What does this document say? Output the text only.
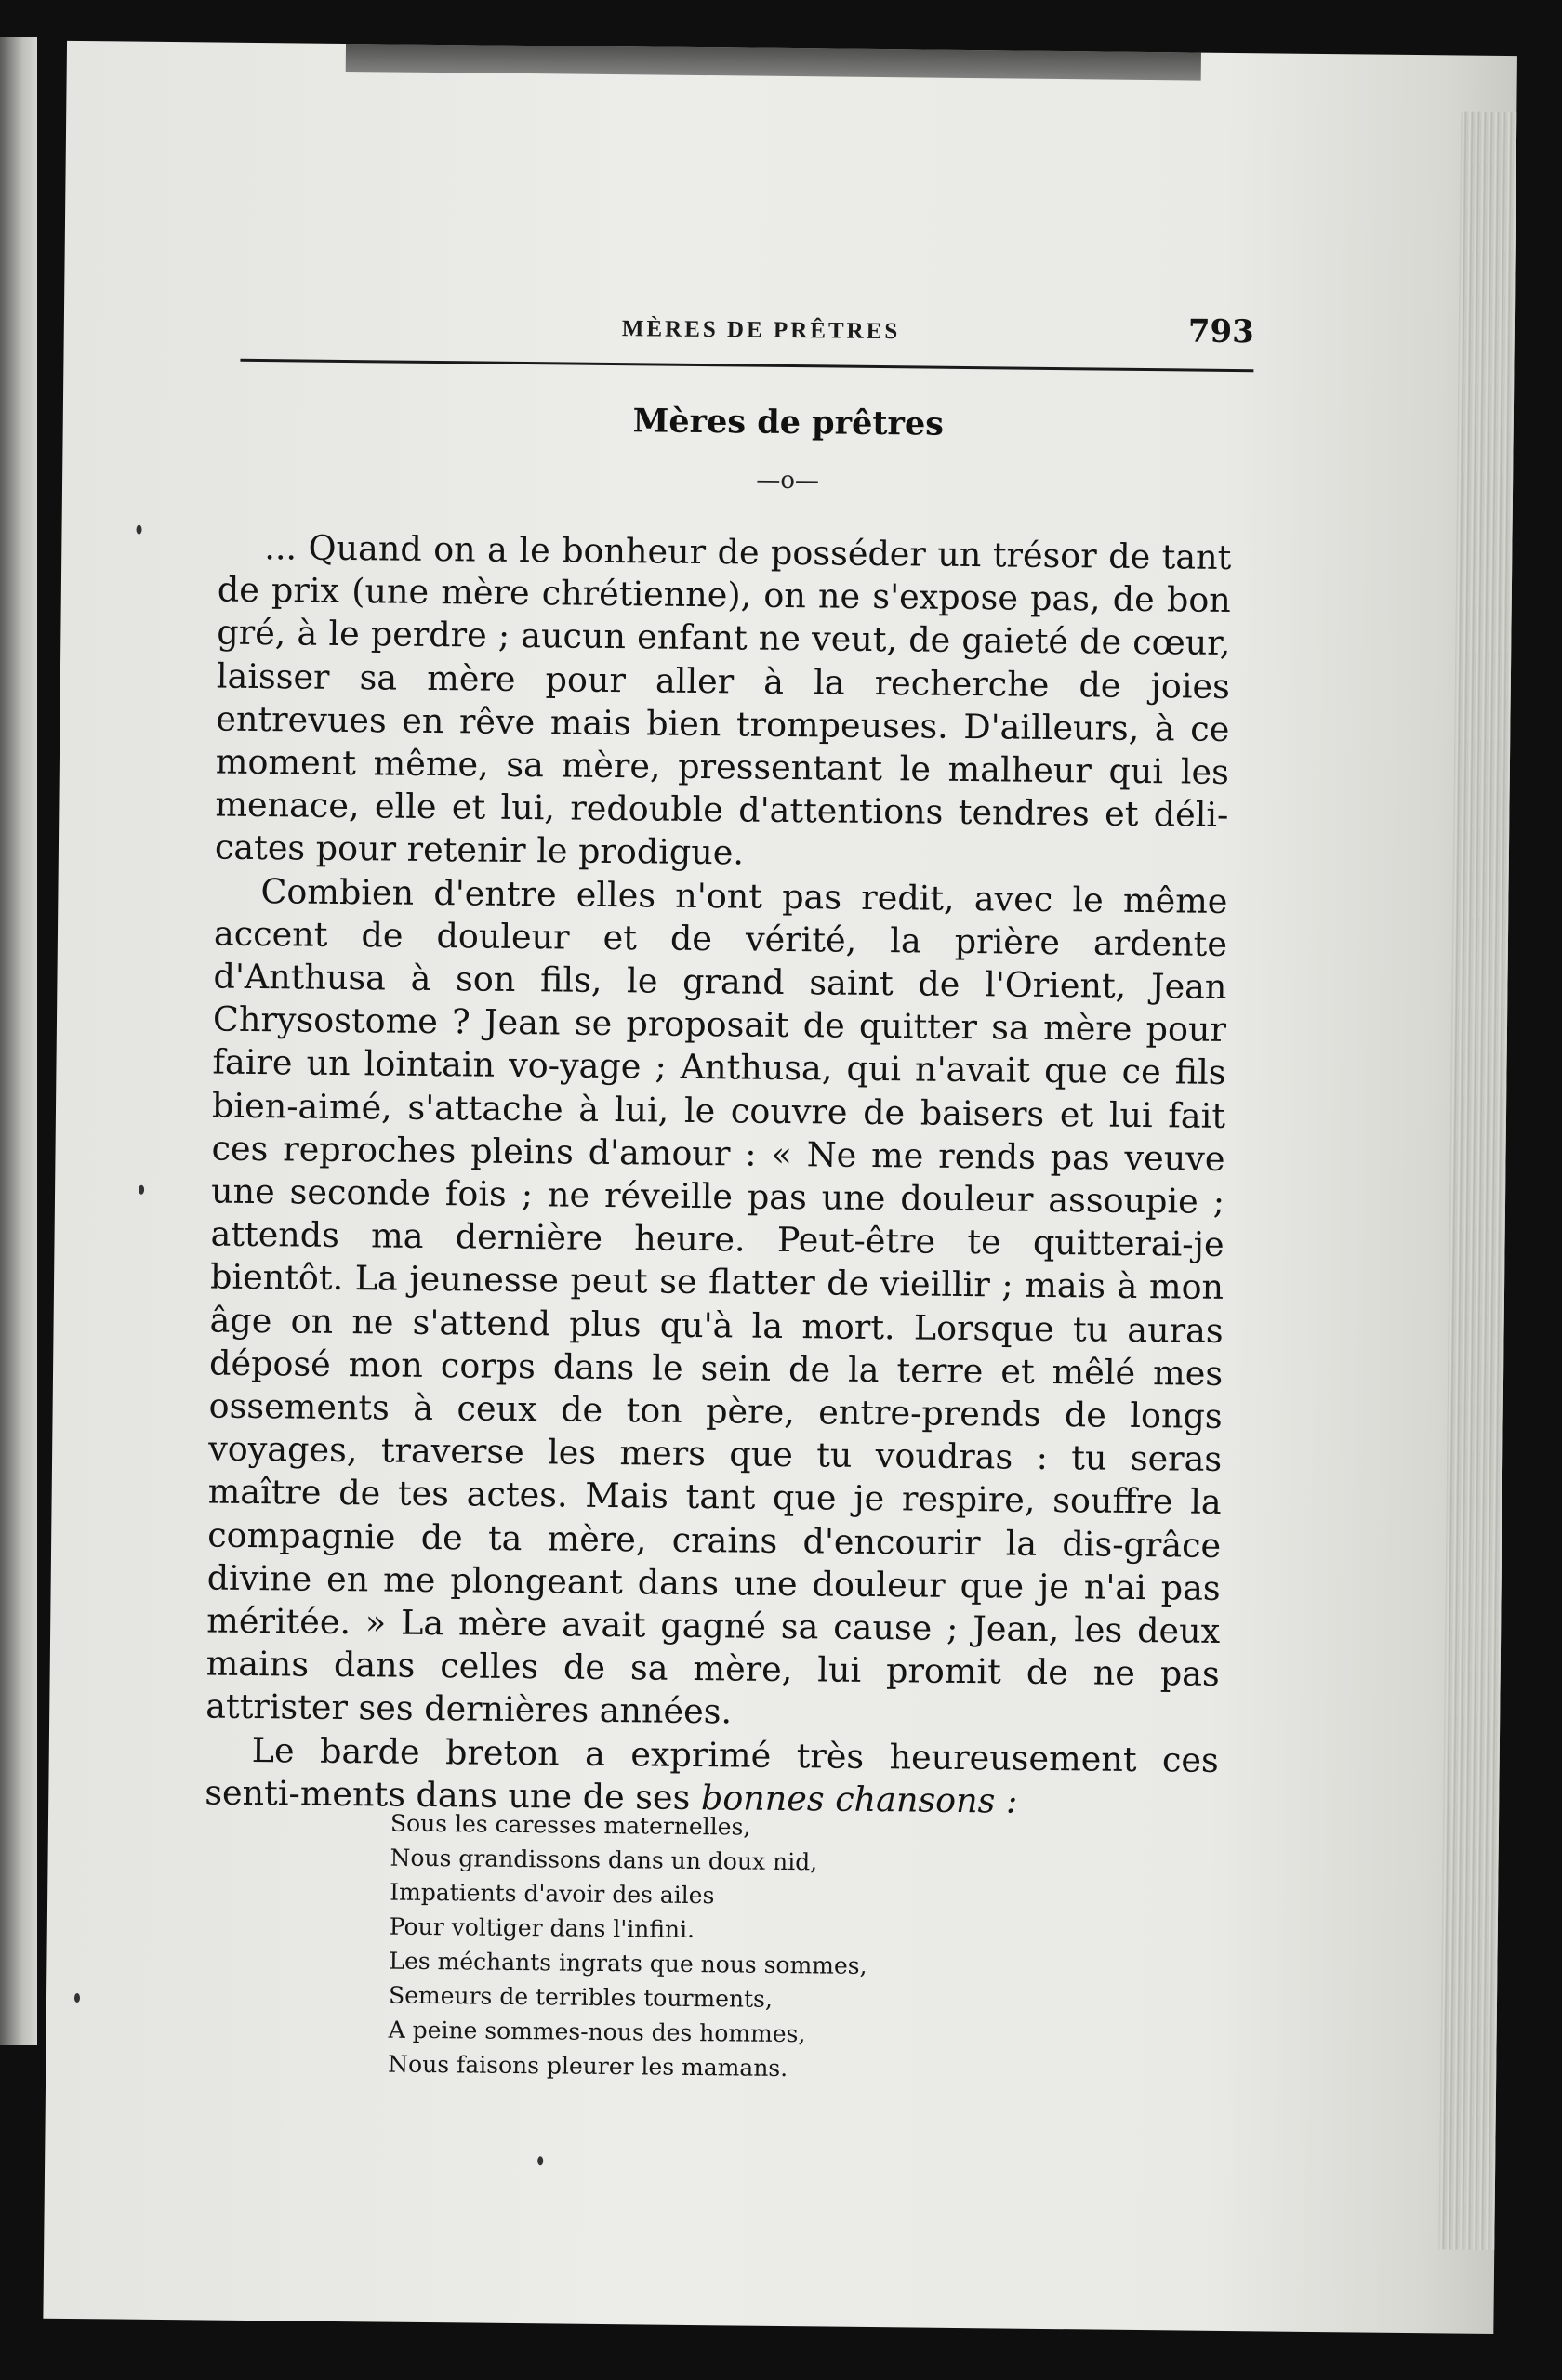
MÈRES DE PRÊTRES	793
Mères de prêtres
—o—

... Quand on a le bonheur de posséder un trésor de tant de prix (une mère chrétienne), on ne s'expose pas, de bon gré, à le perdre ; aucun enfant ne veut, de gaieté de cœur, laisser sa mère pour aller à la recherche de joies entrevues en rêve mais bien trompeuses. D'ailleurs, à ce moment même, sa mère, pressentant le malheur qui les menace, elle et lui, redouble d'attentions tendres et déli-cates pour retenir le prodigue.

Combien d'entre elles n'ont pas redit, avec le même accent de douleur et de vérité, la prière ardente d'Anthusa à son fils, le grand saint de l'Orient, Jean Chrysostome ? Jean se proposait de quitter sa mère pour faire un lointain vo-yage ; Anthusa, qui n'avait que ce fils bien-aimé, s'attache à lui, le couvre de baisers et lui fait ces reproches pleins d'amour : « Ne me rends pas veuve une seconde fois ; ne réveille pas une douleur assoupie ; attends ma dernière heure. Peut-être te quitterai-je bientôt. La jeunesse peut se flatter de vieillir ; mais à mon âge on ne s'attend plus qu'à la mort. Lorsque tu auras déposé mon corps dans le sein de la terre et mêlé mes ossements à ceux de ton père, entre-prends de longs voyages, traverse les mers que tu voudras : tu seras maître de tes actes. Mais tant que je respire, souffre la compagnie de ta mère, crains d'encourir la dis-grâce divine en me plongeant dans une douleur que je n'ai pas méritée. » La mère avait gagné sa cause ; Jean, les deux mains dans celles de sa mère, lui promit de ne pas attrister ses dernières années.

Le barde breton a exprimé très heureusement ces senti-ments dans une de ses bonnes chansons :

Sous les caresses maternelles,
Nous grandissons dans un doux nid,
Impatients d'avoir des ailes
Pour voltiger dans l'infini.
Les méchants ingrats que nous sommes,
Semeurs de terribles tourments,
A peine sommes-nous des hommes,
Nous faisons pleurer les mamans.
